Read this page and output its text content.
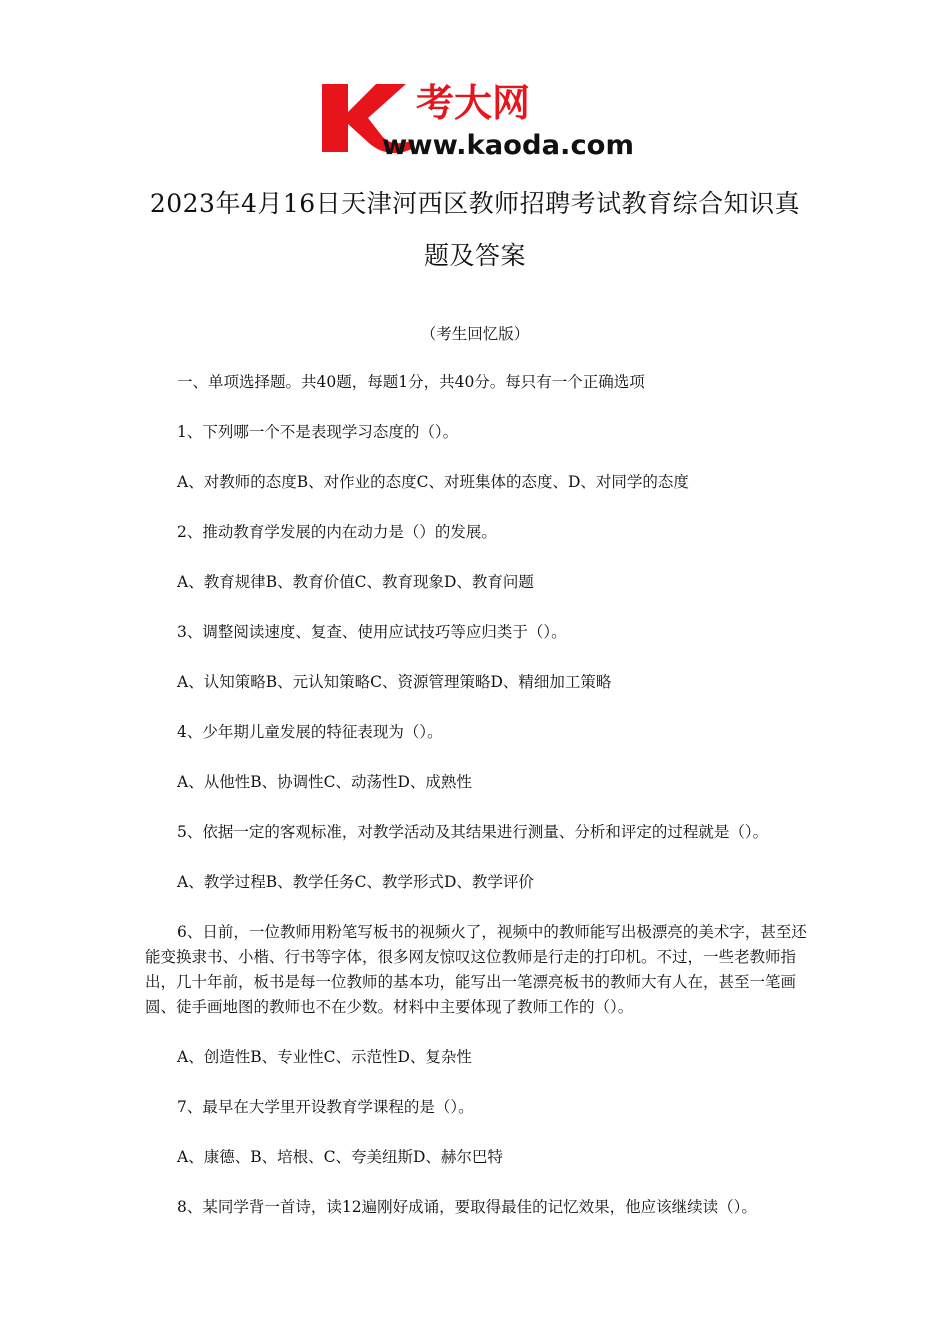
考大网
www.kaoda.com
2023年4月16日天津河西区教师招聘考试教育综合知识真题及答案
（考生回忆版）

一、单项选择题。共40题，每题1分，共40分。每只有一个正确选项

1、下列哪一个不是表现学习态度的（）。

A、对教师的态度B、对作业的态度C、对班集体的态度、D、对同学的态度

2、推动教育学发展的内在动力是（）的发展。

A、教育规律B、教育价值C、教育现象D、教育问题

3、调整阅读速度、复查、使用应试技巧等应归类于（）。

A、认知策略B、元认知策略C、资源管理策略D、精细加工策略

4、少年期儿童发展的特征表现为（）。

A、从他性B、协调性C、动荡性D、成熟性

5、依据一定的客观标准，对教学活动及其结果进行测量、分析和评定的过程就是（）。

A、教学过程B、教学任务C、教学形式D、教学评价

6、日前，一位教师用粉笔写板书的视频火了，视频中的教师能写出极漂亮的美术字，甚至还能变换隶书、小楷、行书等字体，很多网友惊叹这位教师是行走的打印机。不过，一些老教师指出，几十年前，板书是每一位教师的基本功，能写出一笔漂亮板书的教师大有人在，甚至一笔画圆、徒手画地图的教师也不在少数。材料中主要体现了教师工作的（）。

A、创造性B、专业性C、示范性D、复杂性

7、最早在大学里开设教育学课程的是（）。

A、康德、B、培根、C、夸美纽斯D、赫尔巴特

8、某同学背一首诗，读12遍刚好成诵，要取得最佳的记忆效果，他应该继续读（）。
